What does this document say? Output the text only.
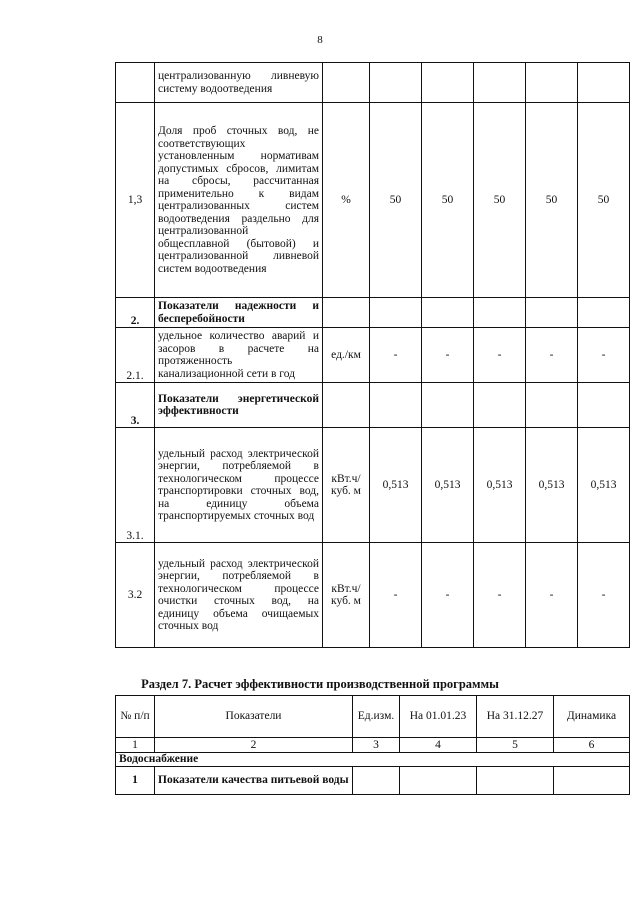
8
	централизованную ливневую систему водоотведения						
1,3	Доля проб сточных вод, не соответствующих установленным нормативам допустимых сбросов, лимитам на сбросы, рассчитанная применительно к видам централизованных систем водоотведения раздельно для централизованной общесплавной (бытовой) и централизованной ливневой систем водоотведения	%	50	50	50	50	50
2.	Показатели надежности и бесперебойности						
2.1.	удельное количество аварий и засоров в расчете на протяженность канализационной сети в год	ед./км	-	-	-	-	-
3.	Показатели энергетической эффективности						
3.1.	удельный расход электрической энергии, потребляемой в технологическом процессе транспортировки сточных вод, на единицу объема транспортируемых сточных вод	кВт.ч/куб. м	0,513	0,513	0,513	0,513	0,513
3.2	удельный расход электрической энергии, потребляемой в технологическом процессе очистки сточных вод, на единицу объема очищаемых сточных вод	кВт.ч/куб. м	-	-	-	-	-
Раздел 7. Расчет эффективности производственной программы
№ п/п	Показатели	Ед.изм.	На 01.01.23	На 31.12.27	Динамика
1	2	3	4	5	6
Водоснабжение					
1	Показатели качества питьевой воды				
